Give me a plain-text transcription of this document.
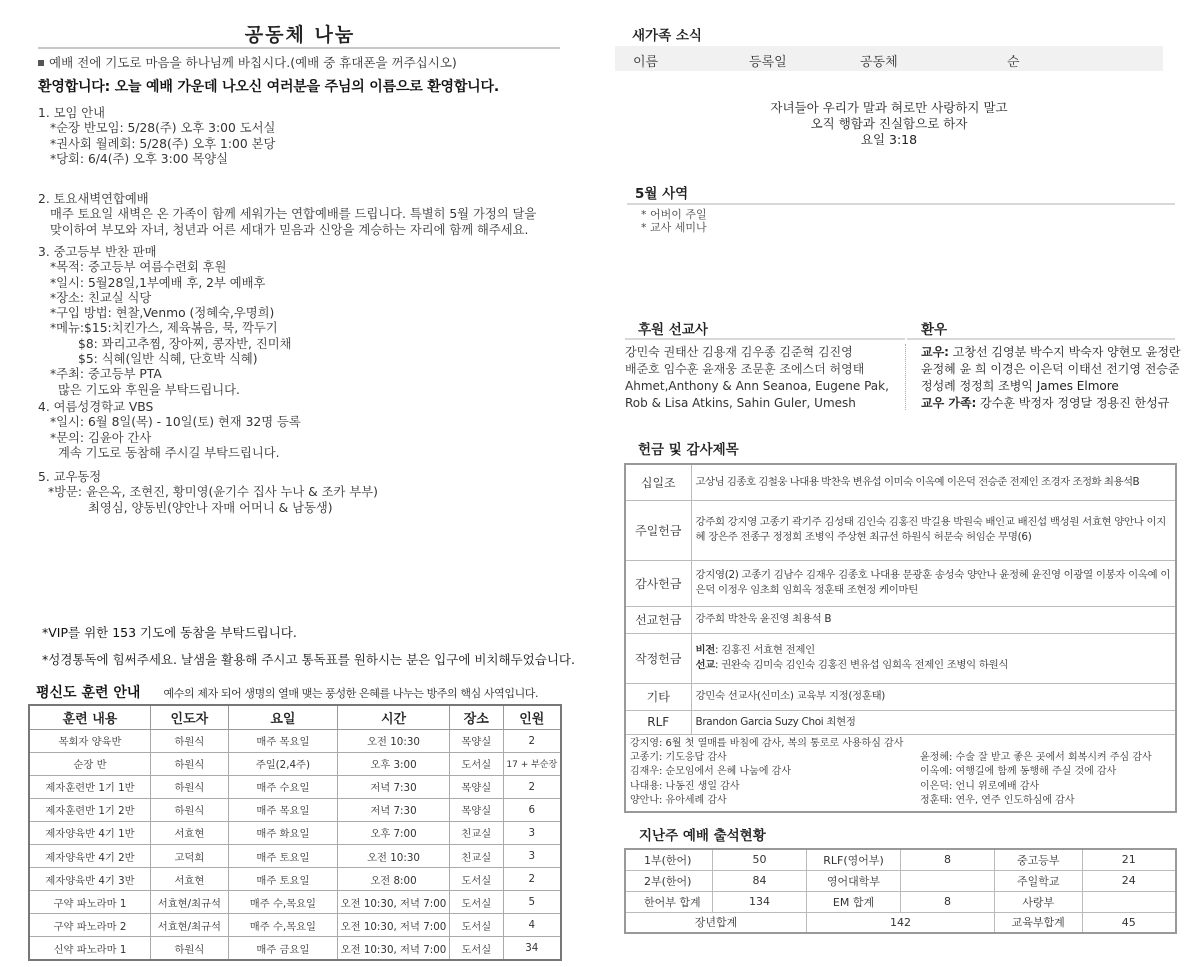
공동체 나눔
예배 전에 기도로 마음을 하나님께 바칩시다.(예배 중 휴대폰을 꺼주십시오)
환영합니다: 오늘 예배 가운데 나오신 여러분을 주님의 이름으로 환영합니다.
1. 모임 안내
*순장 반모임: 5/28(주) 오후 3:00 도서실
*권사회 월례회: 5/28(주) 오후 1:00 본당
*당회: 6/4(주) 오후 3:00 목양실
2. 토요새벽연합예배
매주 토요일 새벽은 온 가족이 함께 세워가는 연합예배를 드립니다. 특별히 5월 가정의 달을
맞이하여 부모와 자녀, 청년과 어른 세대가 믿음과 신앙을 계승하는 자리에 함께 해주세요.
3. 중고등부 반찬 판매
*목적: 중고등부 여름수련회 후원
*일시: 5월28일,1부예배 후, 2부 예배후
*장소: 친교실 식당
*구입 방법: 현찰,Venmo (정혜숙,우명희)
*메뉴:$15:치킨가스, 제육볶음, 묵, 깍두기
$8: 꽈리고추찜, 장아찌, 콩자반, 진미채
$5: 식혜(일반 식혜, 단호박 식혜)
*주최: 중고등부 PTA
많은 기도와 후원을 부탁드립니다.
4. 여름성경학교 VBS
*일시: 6월 8일(목) - 10일(토) 현재 32명 등록
*문의: 김윤아 간사
계속 기도로 동참해 주시길 부탁드립니다.
5. 교우동정
*방문: 윤은옥, 조현진, 황미영(윤기수 집사 누나 & 조카 부부)
최영심, 양동빈(양안나 자매 어머니 & 남동생)
*VIP를 위한 153 기도에 동참을 부탁드립니다.
*성경통독에 힘써주세요. 날샘을 활용해 주시고 통독표를 원하시는 분은 입구에 비치해두었습니다.
평신도 훈련 안내 예수의 제자 되어 생명의 열매 맺는 풍성한 은혜를 나누는 방주의 핵심 사역입니다.
훈련 내용	인도자	요일	시간	장소	인원
목회자 양육반	하원식	매주 목요일	오전 10:30	목양실	2
순장 반	하원식	주일(2,4주)	오후 3:00	도서실	17 + 부순장
제자훈련반 1기 1반	하원식	매주 수요일	저녁 7:30	목양실	2
제자훈련반 1기 2반	하원식	매주 목요일	저녁 7:30	목양실	6
제자양육반 4기 1반	서효현	매주 화요일	오후 7:00	친교실	3
제자양육반 4기 2반	고덕희	매주 토요일	오전 10:30	친교실	3
제자양육반 4기 3반	서효현	매주 토요일	오전 8:00	도서실	2
구약 파노라마 1	서효현/최규석	매주 수,목요일	오전 10:30, 저녁 7:00	도서실	5
구약 파노라마 2	서효현/최규석	매주 수,목요일	오전 10:30, 저녁 7:00	도서실	4
신약 파노라마 1	하원식	매주 금요일	오전 10:30, 저녁 7:00	도서실	34
새가족 소식
이름	등록일	공동체	순
자녀들아 우리가 말과 혀로만 사랑하지 말고
오직 행함과 진실함으로 하자
요일 3:18
5월 사역
* 어버이 주일
* 교사 세미나
후원 선교사
강민숙 권태산 김용재 김우종 김준혁 김진영
배준호 임수훈 윤재웅 조문훈 조에스더 허영태
Ahmet,Anthony & Ann Seanoa, Eugene Pak,
Rob & Lisa Atkins, Sahin Guler, Umesh
환우
교우: 고창선 김영분 박수지 박숙자 양현모 윤정란
윤정혜 윤 희 이경은 이은덕 이태선 전기영 전승준
정성례 정정희 조병익 James Elmore
교우 가족: 강수훈 박정자 정영달 정용진 한성규
헌금 및 감사제목
십일조	고상님 김종호 김철웅 나대용 박찬욱 변유섭 이미숙 이옥예 이은덕 전승준 전제인 조경자 조정화 최용석B
주일헌금	강주희 강지영 고종기 곽기주 김성태 김인숙 김홍진 박길용 박원숙 배인교 배진섭 백성원 서효현 양안나 이지혜 장은주 전종구 정정희 조병익 주상현 최규선 하원식 허문숙 허임순 무명(6)
감사헌금	강지영(2) 고종기 김남수 김재우 김종호 나대용 문광훈 송성숙 양안나 윤정혜 윤진영 이광열 이봉자 이옥예 이은덕 이정우 임초희 임희옥 정훈태 조현정 케이마틴
선교헌금	강주희 박찬욱 윤진영 최용석 B
작정헌금	비전: 김홍진 서효현 전제인
선교: 권완숙 김미숙 김인숙 김홍진 변유섭 임희옥 전제인 조병익 하원식

기타	강민숙 선교사(신미소) 교육부 지정(정훈태)
RLF	Brandon Garcia Suzy Choi 최현정

강지영: 6월 첫 열매를 바침에 감사, 복의 통로로 사용하심 감사
고종기: 기도응답 감사	윤정혜: 수술 잘 받고 좋은 곳에서 회복시켜 주심 감사
김재우: 순모임에서 은혜 나눔에 감사	이옥예: 여행길에 함께 동행해 주실 것에 감사
나대용: 나동진 생일 감사	이은덕: 언니 위로예배 감사
양안나: 유아세례 감사	정훈태: 연우, 연주 인도하심에 감사
지난주 예배 출석현황
1부(한어)	50	RLF(영어부)	8	중고등부	21
2부(한어)	84	영어대학부		주일학교	24
한어부 합계	134	EM 합계	8	사랑부	
장년합계		142		교육부합계	45
